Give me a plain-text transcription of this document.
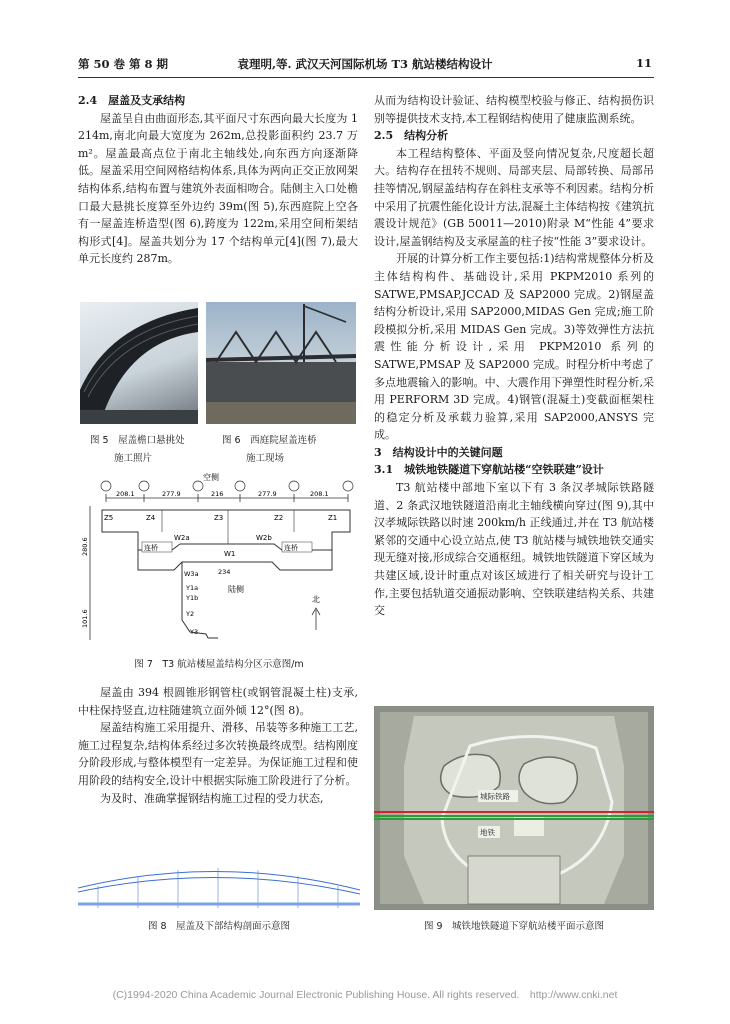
第 50 卷 第 8 期	袁理明,等. 武汉天河国际机场 T3 航站楼结构设计	11

2.4　屋盖及支承结构

屋盖呈自由曲面形态,其平面尺寸东西向最大长度为 1 214m,南北向最大宽度为 262m,总投影面积约 23.7 万 m²。屋盖最高点位于南北主轴线处,向东西方向逐渐降低。屋盖采用空间网格结构体系,具体为两向正交正放网架结构体系,结构布置与建筑外表面相吻合。陆侧主入口处檐口最大悬挑长度算至外边约 39m(图 5),东西庭院上空各有一屋盖连桥造型(图 6),跨度为 122m,采用空间桁架结构形式[4]。屋盖共划分为 17 个结构单元[4](图 7),最大单元长度约 287m。

图 5　屋盖檐口悬挑处
施工照片
图 6　西庭院屋盖连桥
施工现场
空侧
208.1	277.9	216	277.9	208.1
280.6
101.6
连桥	连桥
Z5	Z4	Z3
W2a
W1
W2b
Z2	Z1
W3a
Y1a
Y1b
Y2
Y3
234
陆侧
北
图 7　T3 航站楼屋盖结构分区示意图/m

屋盖由 394 根圆锥形钢管柱(或钢管混凝土柱)支承,中柱保持竖直,边柱随建筑立面外倾 12°(图 8)。

屋盖结构施工采用提升、滑移、吊装等多种施工工艺,施工过程复杂,结构体系经过多次转换最终成型。结构刚度分阶段形成,与整体模型有一定差异。为保证施工过程和使用阶段的结构安全,设计中根据实际施工阶段进行了分析。

为及时、准确掌握钢结构施工过程的受力状态,

图 8　屋盖及下部结构剖面示意图

从而为结构设计验证、结构模型校验与修正、结构损伤识别等提供技术支持,本工程钢结构使用了健康监测系统。

2.5　结构分析

本工程结构整体、平面及竖向情况复杂,尺度超长超大。结构存在扭转不规则、局部夹层、局部转换、局部吊挂等情况,钢屋盖结构存在斜柱支承等不利因素。结构分析中采用了抗震性能化设计方法,混凝土主体结构按《建筑抗震设计规范》(GB 50011—2010)附录 M“性能 4”要求设计,屋盖钢结构及支承屋盖的柱子按“性能 3”要求设计。

开展的计算分析工作主要包括:1)结构常规整体分析及主体结构构件、基础设计,采用 PKPM2010 系列的 SATWE,PMSAP,JCCAD 及 SAP2000 完成。2)钢屋盖结构分析设计,采用 SAP2000,MIDAS Gen 完成;施工阶段模拟分析,采用 MIDAS Gen 完成。3)等效弹性方法抗震性能分析设计,采用 PKPM2010 系列的 SATWE,PMSAP 及 SAP2000 完成。时程分析中考虑了多点地震输入的影响。中、大震作用下弹塑性时程分析,采用 PERFORM 3D 完成。4)钢管(混凝土)变截面框架柱的稳定分析及承载力验算,采用 SAP2000,ANSYS 完成。

3　结构设计中的关键问题

3.1　城铁地铁隧道下穿航站楼“空铁联建”设计

T3 航站楼中部地下室以下有 3 条汉孝城际铁路隧道、2 条武汉地铁隧道沿南北主轴线横向穿过(图 9),其中汉孝城际铁路以时速 200km/h 正线通过,并在 T3 航站楼紧邻的交通中心设立站点,使 T3 航站楼与城铁地铁交通实现无缝对接,形成综合交通枢纽。城铁地铁隧道下穿区域为共建区域,设计时重点对该区域进行了相关研究与设计工作,主要包括轨道交通振动影响、空铁联建结构关系、共建交

城际铁路
地铁
图 9　城铁地铁隧道下穿航站楼平面示意图
(C)1994-2020 China Academic Journal Electronic Publishing House. All rights reserved.　http://www.cnki.net
